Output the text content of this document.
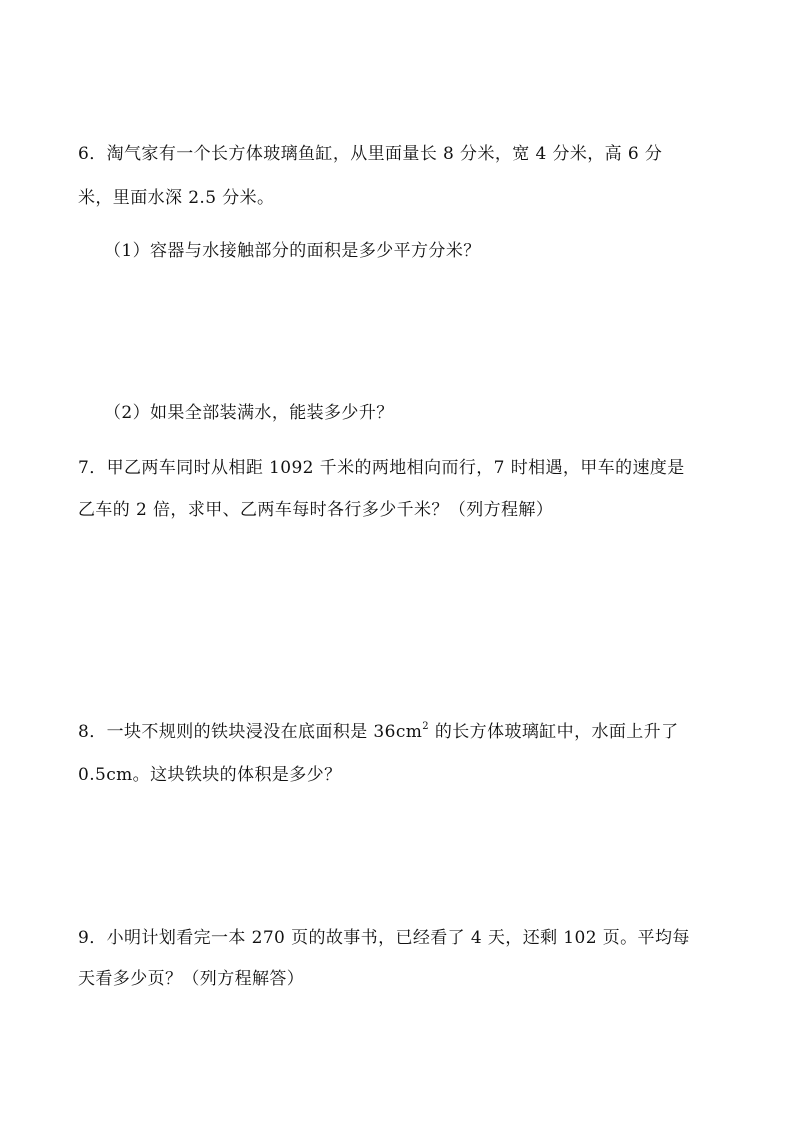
6．淘气家有一个长方体玻璃鱼缸，从里面量长 8 分米，宽 4 分米，高 6 分
米，里面水深 2.5 分米。
（1）容器与水接触部分的面积是多少平方分米？
（2）如果全部装满水，能装多少升？
7．甲乙两车同时从相距 1092 千米的两地相向而行，7 时相遇，甲车的速度是
乙车的 2 倍，求甲、乙两车每时各行多少千米？（列方程解）
8．一块不规则的铁块浸没在底面积是 $36cm^2$ 的长方体玻璃缸中，水面上升了
0.5cm。这块铁块的体积是多少？
9．小明计划看完一本 270 页的故事书，已经看了 4 天，还剩 102 页。平均每
天看多少页？（列方程解答）
